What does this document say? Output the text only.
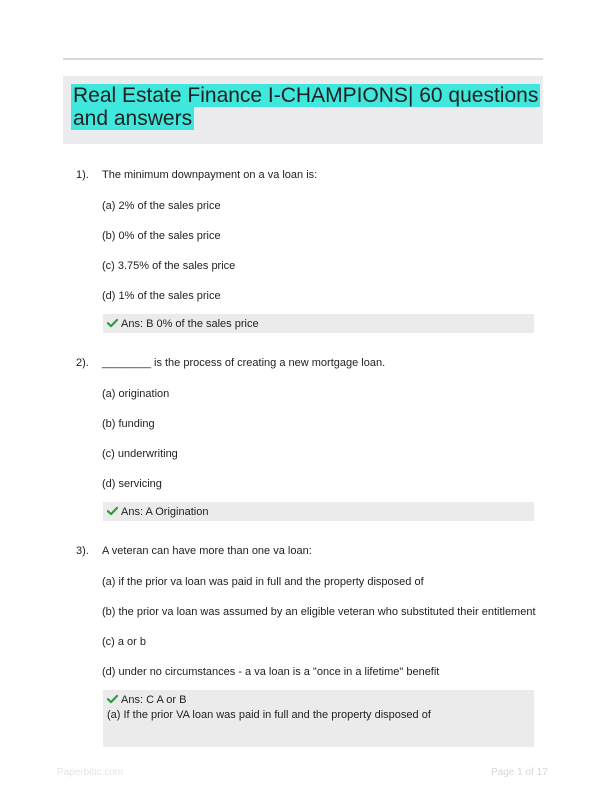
Real Estate Finance I-CHAMPIONS| 60 questions and answers
1). The minimum downpayment on a va loan is:
(a) 2% of the sales price
(b) 0% of the sales price
(c) 3.75% of the sales price
(d) 1% of the sales price
Ans: B 0% of the sales price
2). ________ is the process of creating a new mortgage loan.
(a) origination
(b) funding
(c) underwriting
(d) servicing
Ans: A Origination
3). A veteran can have more than one va loan:
(a) if the prior va loan was paid in full and the property disposed of
(b) the prior va loan was assumed by an eligible veteran who substituted their entitlement
(c) a or b
(d) under no circumstances - a va loan is a "once in a lifetime" benefit
Ans: C A or B
(a) If the prior VA loan was paid in full and the property disposed of
Paperbitic.com	Page 1 of 17
